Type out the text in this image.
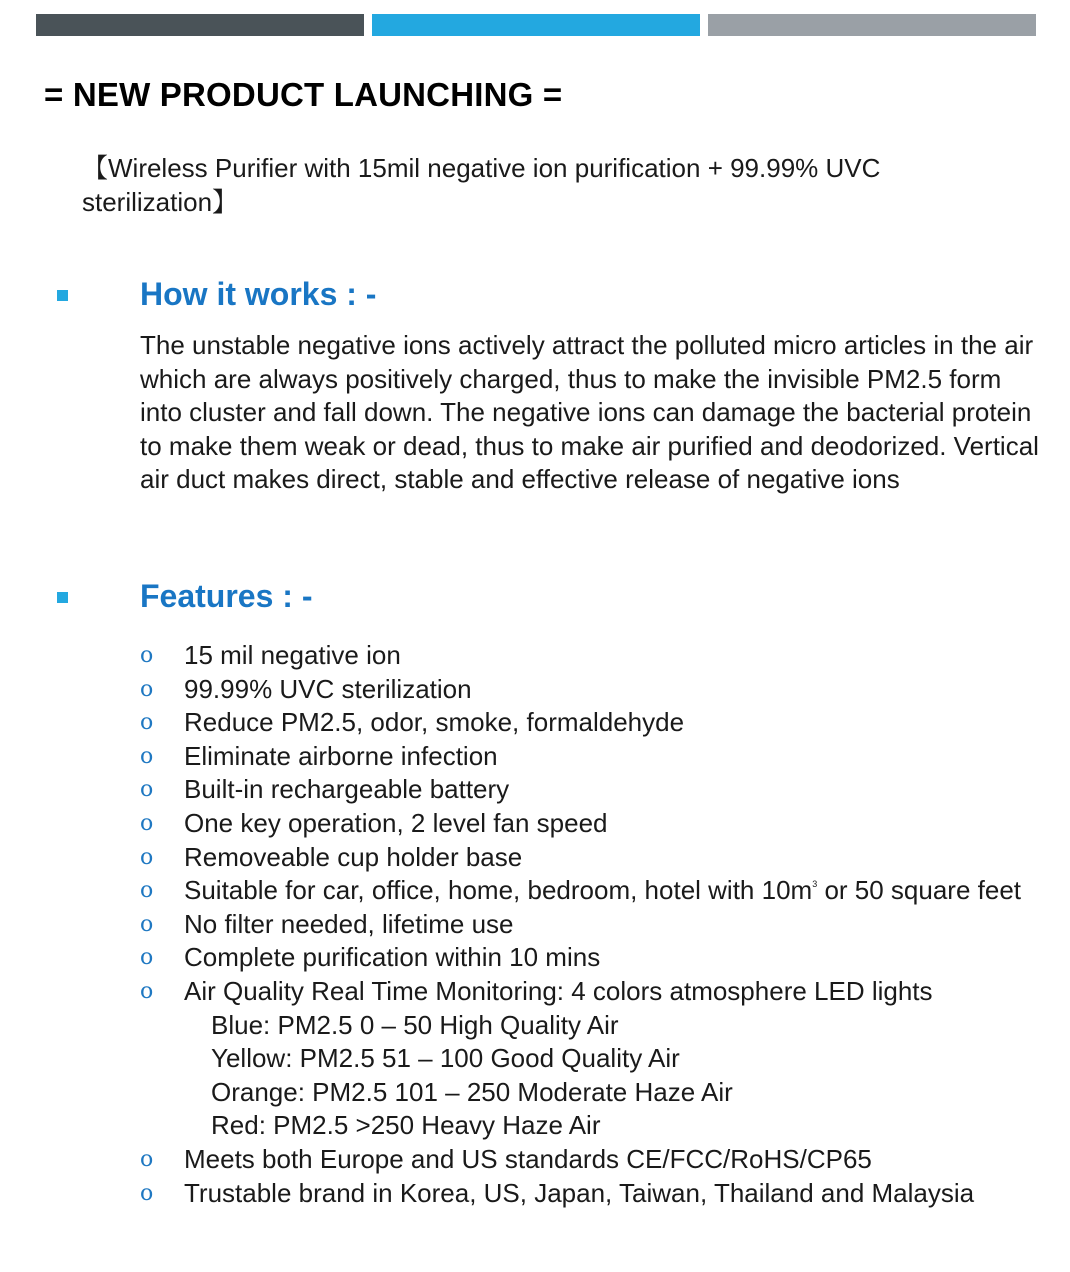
= NEW PRODUCT LAUNCHING =
【Wireless Purifier with 15mil negative ion purification + 99.99% UVC sterilization】
How it works : -
The unstable negative ions actively attract the polluted micro articles in the air which are always positively charged, thus to make the invisible PM2.5 form into cluster and fall down. The negative ions can damage the bacterial protein to make them weak or dead, thus to make air purified and deodorized. Vertical air duct makes direct, stable and effective release of negative ions
Features : -
o 15 mil negative ion
o 99.99% UVC sterilization
o Reduce PM2.5, odor, smoke, formaldehyde
o Eliminate airborne infection
o Built-in rechargeable battery
o One key operation, 2 level fan speed
o Removeable cup holder base
o Suitable for car, office, home, bedroom, hotel with $10m^3$ or 50 square feet
o No filter needed, lifetime use
o Complete purification within 10 mins
o Air Quality Real Time Monitoring: 4 colors atmosphere LED lights
Blue: PM2.5 0 – 50 High Quality Air
Yellow: PM2.5 51 – 100 Good Quality Air
Orange: PM2.5 101 – 250 Moderate Haze Air
Red: PM2.5 >250 Heavy Haze Air
o Meets both Europe and US standards CE/FCC/RoHS/CP65
o Trustable brand in Korea, US, Japan, Taiwan, Thailand and Malaysia
